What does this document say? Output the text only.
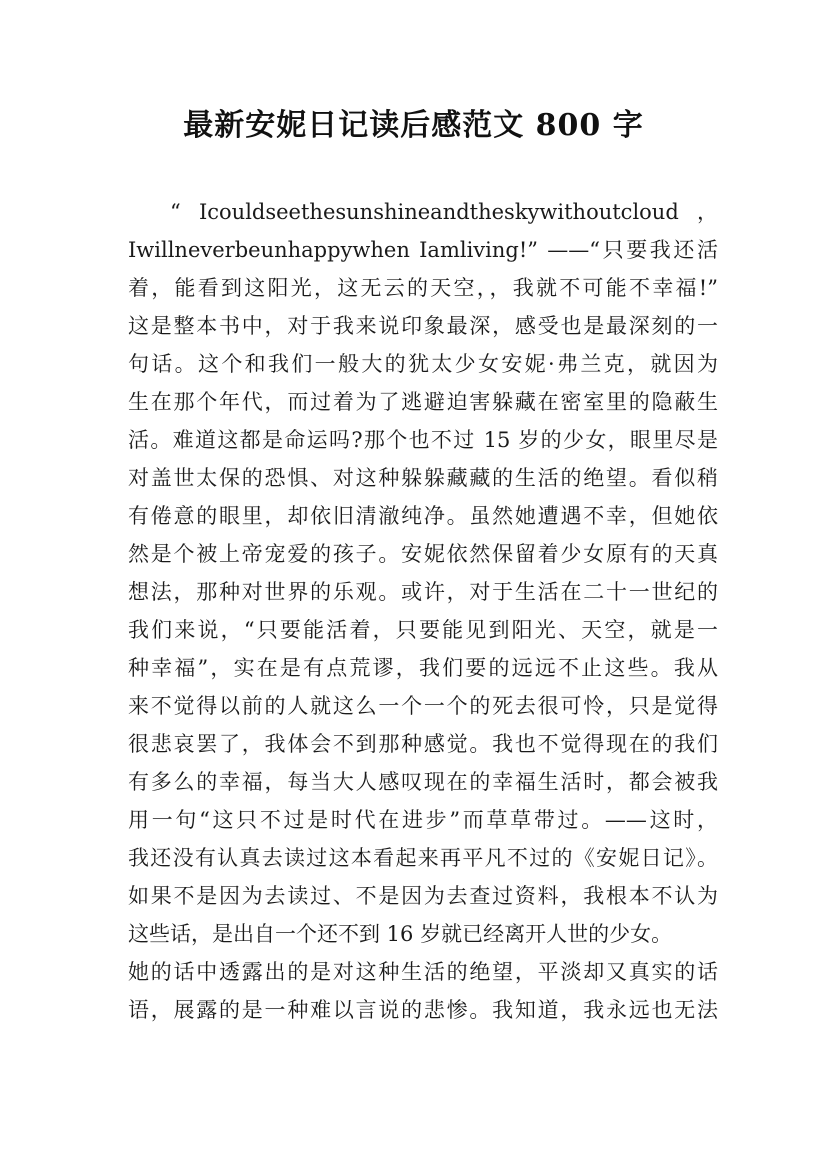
最新安妮日记读后感范文 800 字
“ Icouldseethesunshineandtheskywithoutcloud ，
Iwillneverbeunhappywhen Iamliving!” ——“只要我还活
着，能看到这阳光，这无云的天空，，我就不可能不幸福!”
这是整本书中，对于我来说印象最深，感受也是最深刻的一
句话。这个和我们一般大的犹太少女安妮·弗兰克，就因为
生在那个年代，而过着为了逃避迫害躲藏在密室里的隐蔽生
活。难道这都是命运吗?那个也不过 15 岁的少女，眼里尽是
对盖世太保的恐惧、对这种躲躲藏藏的生活的绝望。看似稍
有倦意的眼里，却依旧清澈纯净。虽然她遭遇不幸，但她依
然是个被上帝宠爱的孩子。安妮依然保留着少女原有的天真
想法，那种对世界的乐观。或许，对于生活在二十一世纪的
我们来说，“只要能活着，只要能见到阳光、天空，就是一
种幸福”，实在是有点荒谬，我们要的远远不止这些。我从
来不觉得以前的人就这么一个一个的死去很可怜，只是觉得
很悲哀罢了，我体会不到那种感觉。我也不觉得现在的我们
有多么的幸福，每当大人感叹现在的幸福生活时，都会被我
用一句“这只不过是时代在进步”而草草带过。——这时，
我还没有认真去读过这本看起来再平凡不过的《安妮日记》。
如果不是因为去读过、不是因为去查过资料，我根本不认为
这些话，是出自一个还不到 16 岁就已经离开人世的少女。
她的话中透露出的是对这种生活的绝望，平淡却又真实的话
语，展露的是一种难以言说的悲惨。我知道，我永远也无法
